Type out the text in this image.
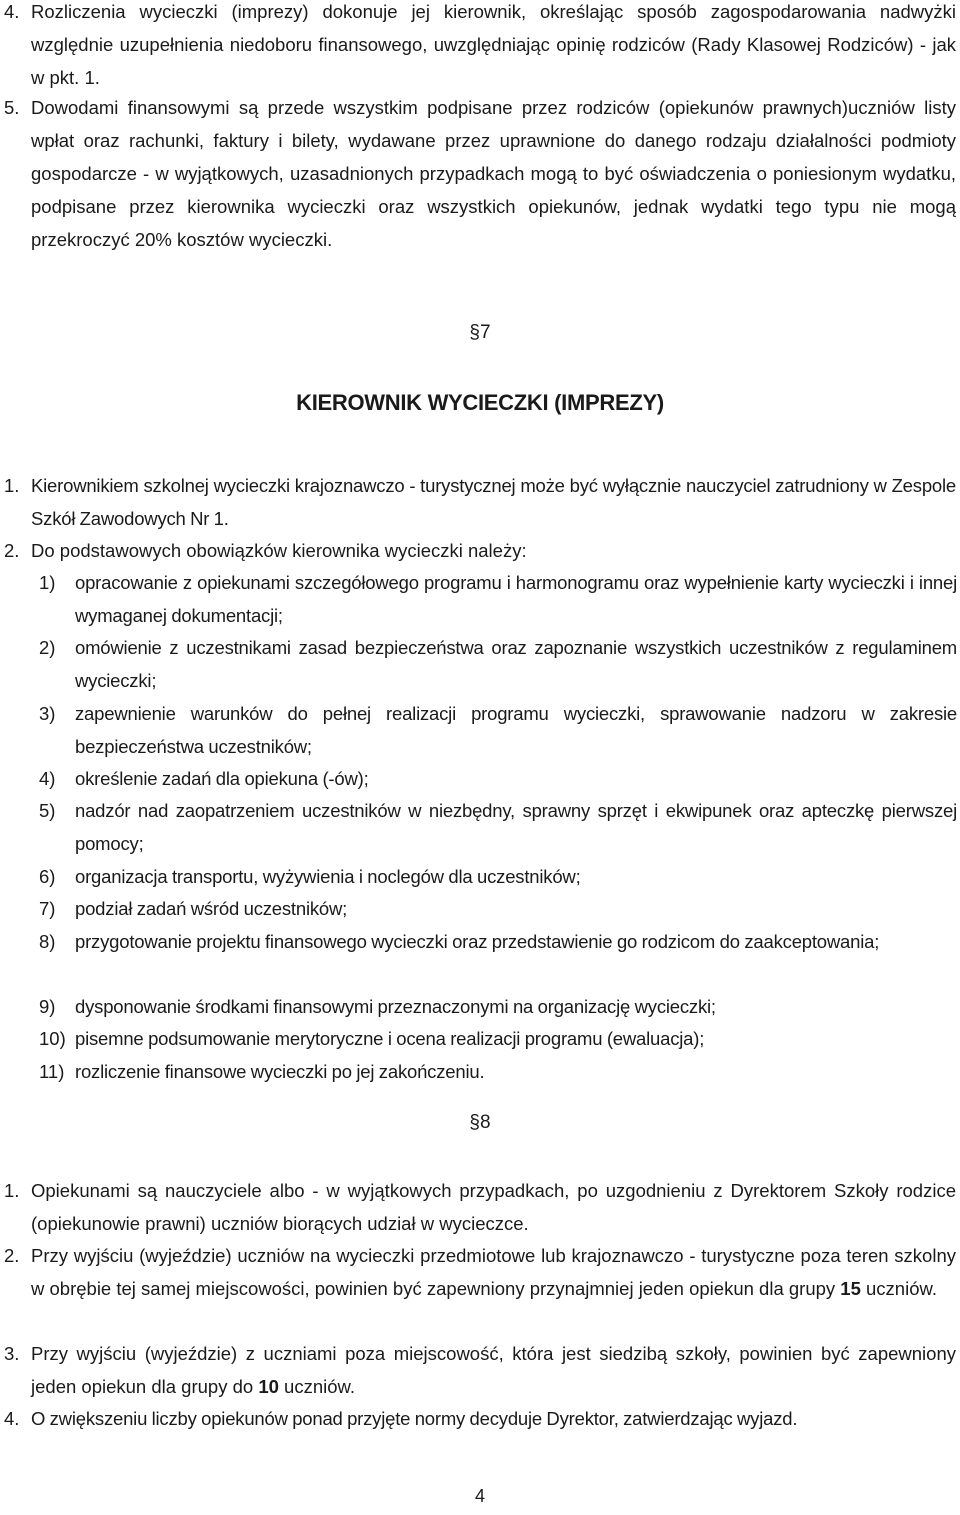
4. Rozliczenia wycieczki (imprezy) dokonuje jej kierownik, określając sposób zagospodarowania nadwyżki względnie uzupełnienia niedoboru finansowego, uwzględniając opinię rodziców (Rady Klasowej Rodziców) - jak w pkt. 1.
5. Dowodami finansowymi są przede wszystkim podpisane przez rodziców (opiekunów prawnych)uczniów listy wpłat oraz rachunki, faktury i bilety, wydawane przez uprawnione do danego rodzaju działalności podmioty gospodarcze - w wyjątkowych, uzasadnionych przypadkach mogą to być oświadczenia o poniesionym wydatku, podpisane przez kierownika wycieczki oraz wszystkich opiekunów, jednak wydatki tego typu nie mogą przekroczyć 20% kosztów wycieczki.
§7
KIEROWNIK WYCIECZKI (IMPREZY)
1. Kierownikiem szkolnej wycieczki krajoznawczo - turystycznej może być wyłącznie nauczyciel zatrudniony w Zespole Szkół Zawodowych Nr 1.
2. Do podstawowych obowiązków kierownika wycieczki należy:
1) opracowanie z opiekunami szczegółowego programu i harmonogramu oraz wypełnienie karty wycieczki i innej wymaganej dokumentacji;
2) omówienie z uczestnikami zasad bezpieczeństwa oraz zapoznanie wszystkich uczestników z regulaminem wycieczki;
3) zapewnienie warunków do pełnej realizacji programu wycieczki, sprawowanie nadzoru w zakresie bezpieczeństwa uczestników;
4) określenie zadań dla opiekuna (-ów);
5) nadzór nad zaopatrzeniem uczestników w niezbędny, sprawny sprzęt i ekwipunek oraz apteczkę pierwszej pomocy;
6) organizacja transportu, wyżywienia i noclegów dla uczestników;
7) podział zadań wśród uczestników;
8) przygotowanie projektu finansowego wycieczki oraz przedstawienie go rodzicom do zaakceptowania;
9) dysponowanie środkami finansowymi przeznaczonymi na organizację wycieczki;
10) pisemne podsumowanie merytoryczne i ocena realizacji programu (ewaluacja);
11) rozliczenie finansowe wycieczki po jej zakończeniu.
§8
1. Opiekunami są nauczyciele albo - w wyjątkowych przypadkach, po uzgodnieniu z Dyrektorem Szkoły rodzice (opiekunowie prawni) uczniów biorących udział w wycieczce.
2. Przy wyjściu (wyjeździe) uczniów na wycieczki przedmiotowe lub krajoznawczo - turystyczne poza teren szkolny w obrębie tej samej miejscowości, powinien być zapewniony przynajmniej jeden opiekun dla grupy 15 uczniów.
3. Przy wyjściu (wyjeździe) z uczniami poza miejscowość, która jest siedzibą szkoły, powinien być zapewniony jeden opiekun dla grupy do 10 uczniów.
4. O zwiększeniu liczby opiekunów ponad przyjęte normy decyduje Dyrektor, zatwierdzając wyjazd.
4
